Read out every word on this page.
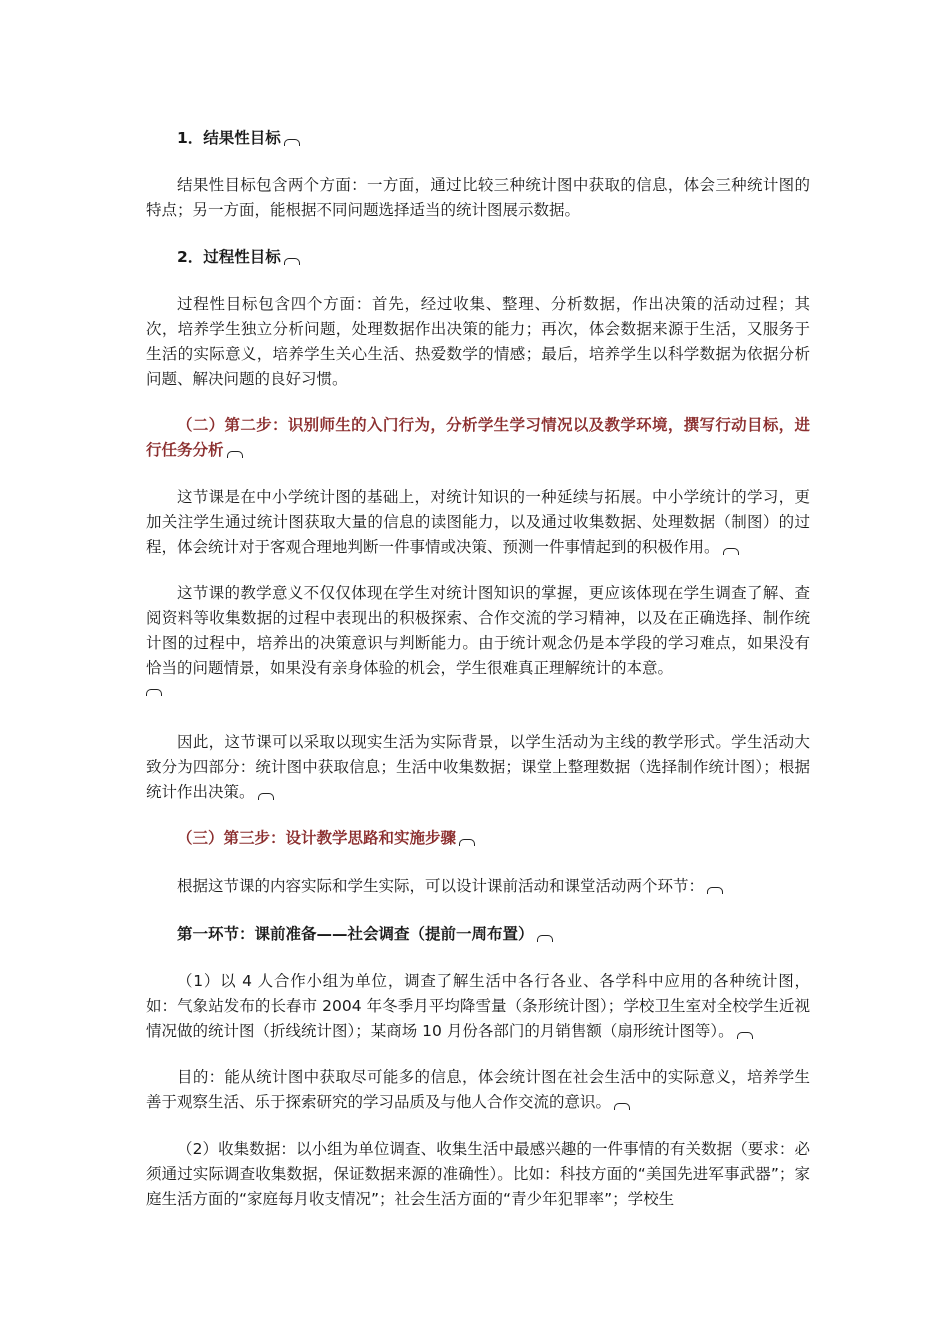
1．结果性目标

结果性目标包含两个方面：一方面，通过比较三种统计图中获取的信息，体会三种统计图的特点；另一方面，能根据不同问题选择适当的统计图展示数据。

2．过程性目标

过程性目标包含四个方面：首先，经过收集、整理、分析数据，作出决策的活动过程；其次，培养学生独立分析问题，处理数据作出决策的能力；再次，体会数据来源于生活，又服务于生活的实际意义，培养学生关心生活、热爱数学的情感；最后，培养学生以科学数据为依据分析问题、解决问题的良好习惯。

（二）第二步：识别师生的入门行为，分析学生学习情况以及教学环境，撰写行动目标，进行任务分析

这节课是在中小学统计图的基础上，对统计知识的一种延续与拓展。中小学统计的学习，更加关注学生通过统计图获取大量的信息的读图能力，以及通过收集数据、处理数据（制图）的过程，体会统计对于客观合理地判断一件事情或决策、预测一件事情起到的积极作用。

这节课的教学意义不仅仅体现在学生对统计图知识的掌握，更应该体现在学生调查了解、查阅资料等收集数据的过程中表现出的积极探索、合作交流的学习精神，以及在正确选择、制作统计图的过程中，培养出的决策意识与判断能力。由于统计观念仍是本学段的学习难点，如果没有恰当的问题情景，如果没有亲身体验的机会，学生很难真正理解统计的本意。

因此，这节课可以采取以现实生活为实际背景，以学生活动为主线的教学形式。学生活动大致分为四部分：统计图中获取信息；生活中收集数据；课堂上整理数据（选择制作统计图）；根据统计作出决策。

（三）第三步：设计教学思路和实施步骤

根据这节课的内容实际和学生实际，可以设计课前活动和课堂活动两个环节：

第一环节：课前准备——社会调查（提前一周布置）

（1）以 4 人合作小组为单位，调查了解生活中各行各业、各学科中应用的各种统计图，如：气象站发布的长春市 2004 年冬季月平均降雪量（条形统计图）；学校卫生室对全校学生近视情况做的统计图（折线统计图）；某商场 10 月份各部门的月销售额（扇形统计图等）。

目的：能从统计图中获取尽可能多的信息，体会统计图在社会生活中的实际意义，培养学生善于观察生活、乐于探索研究的学习品质及与他人合作交流的意识。

（2）收集数据：以小组为单位调查、收集生活中最感兴趣的一件事情的有关数据（要求：必须通过实际调查收集数据，保证数据来源的准确性）。比如：科技方面的“美国先进军事武器”；家庭生活方面的“家庭每月收支情况”；社会生活方面的“青少年犯罪率”；学校生
